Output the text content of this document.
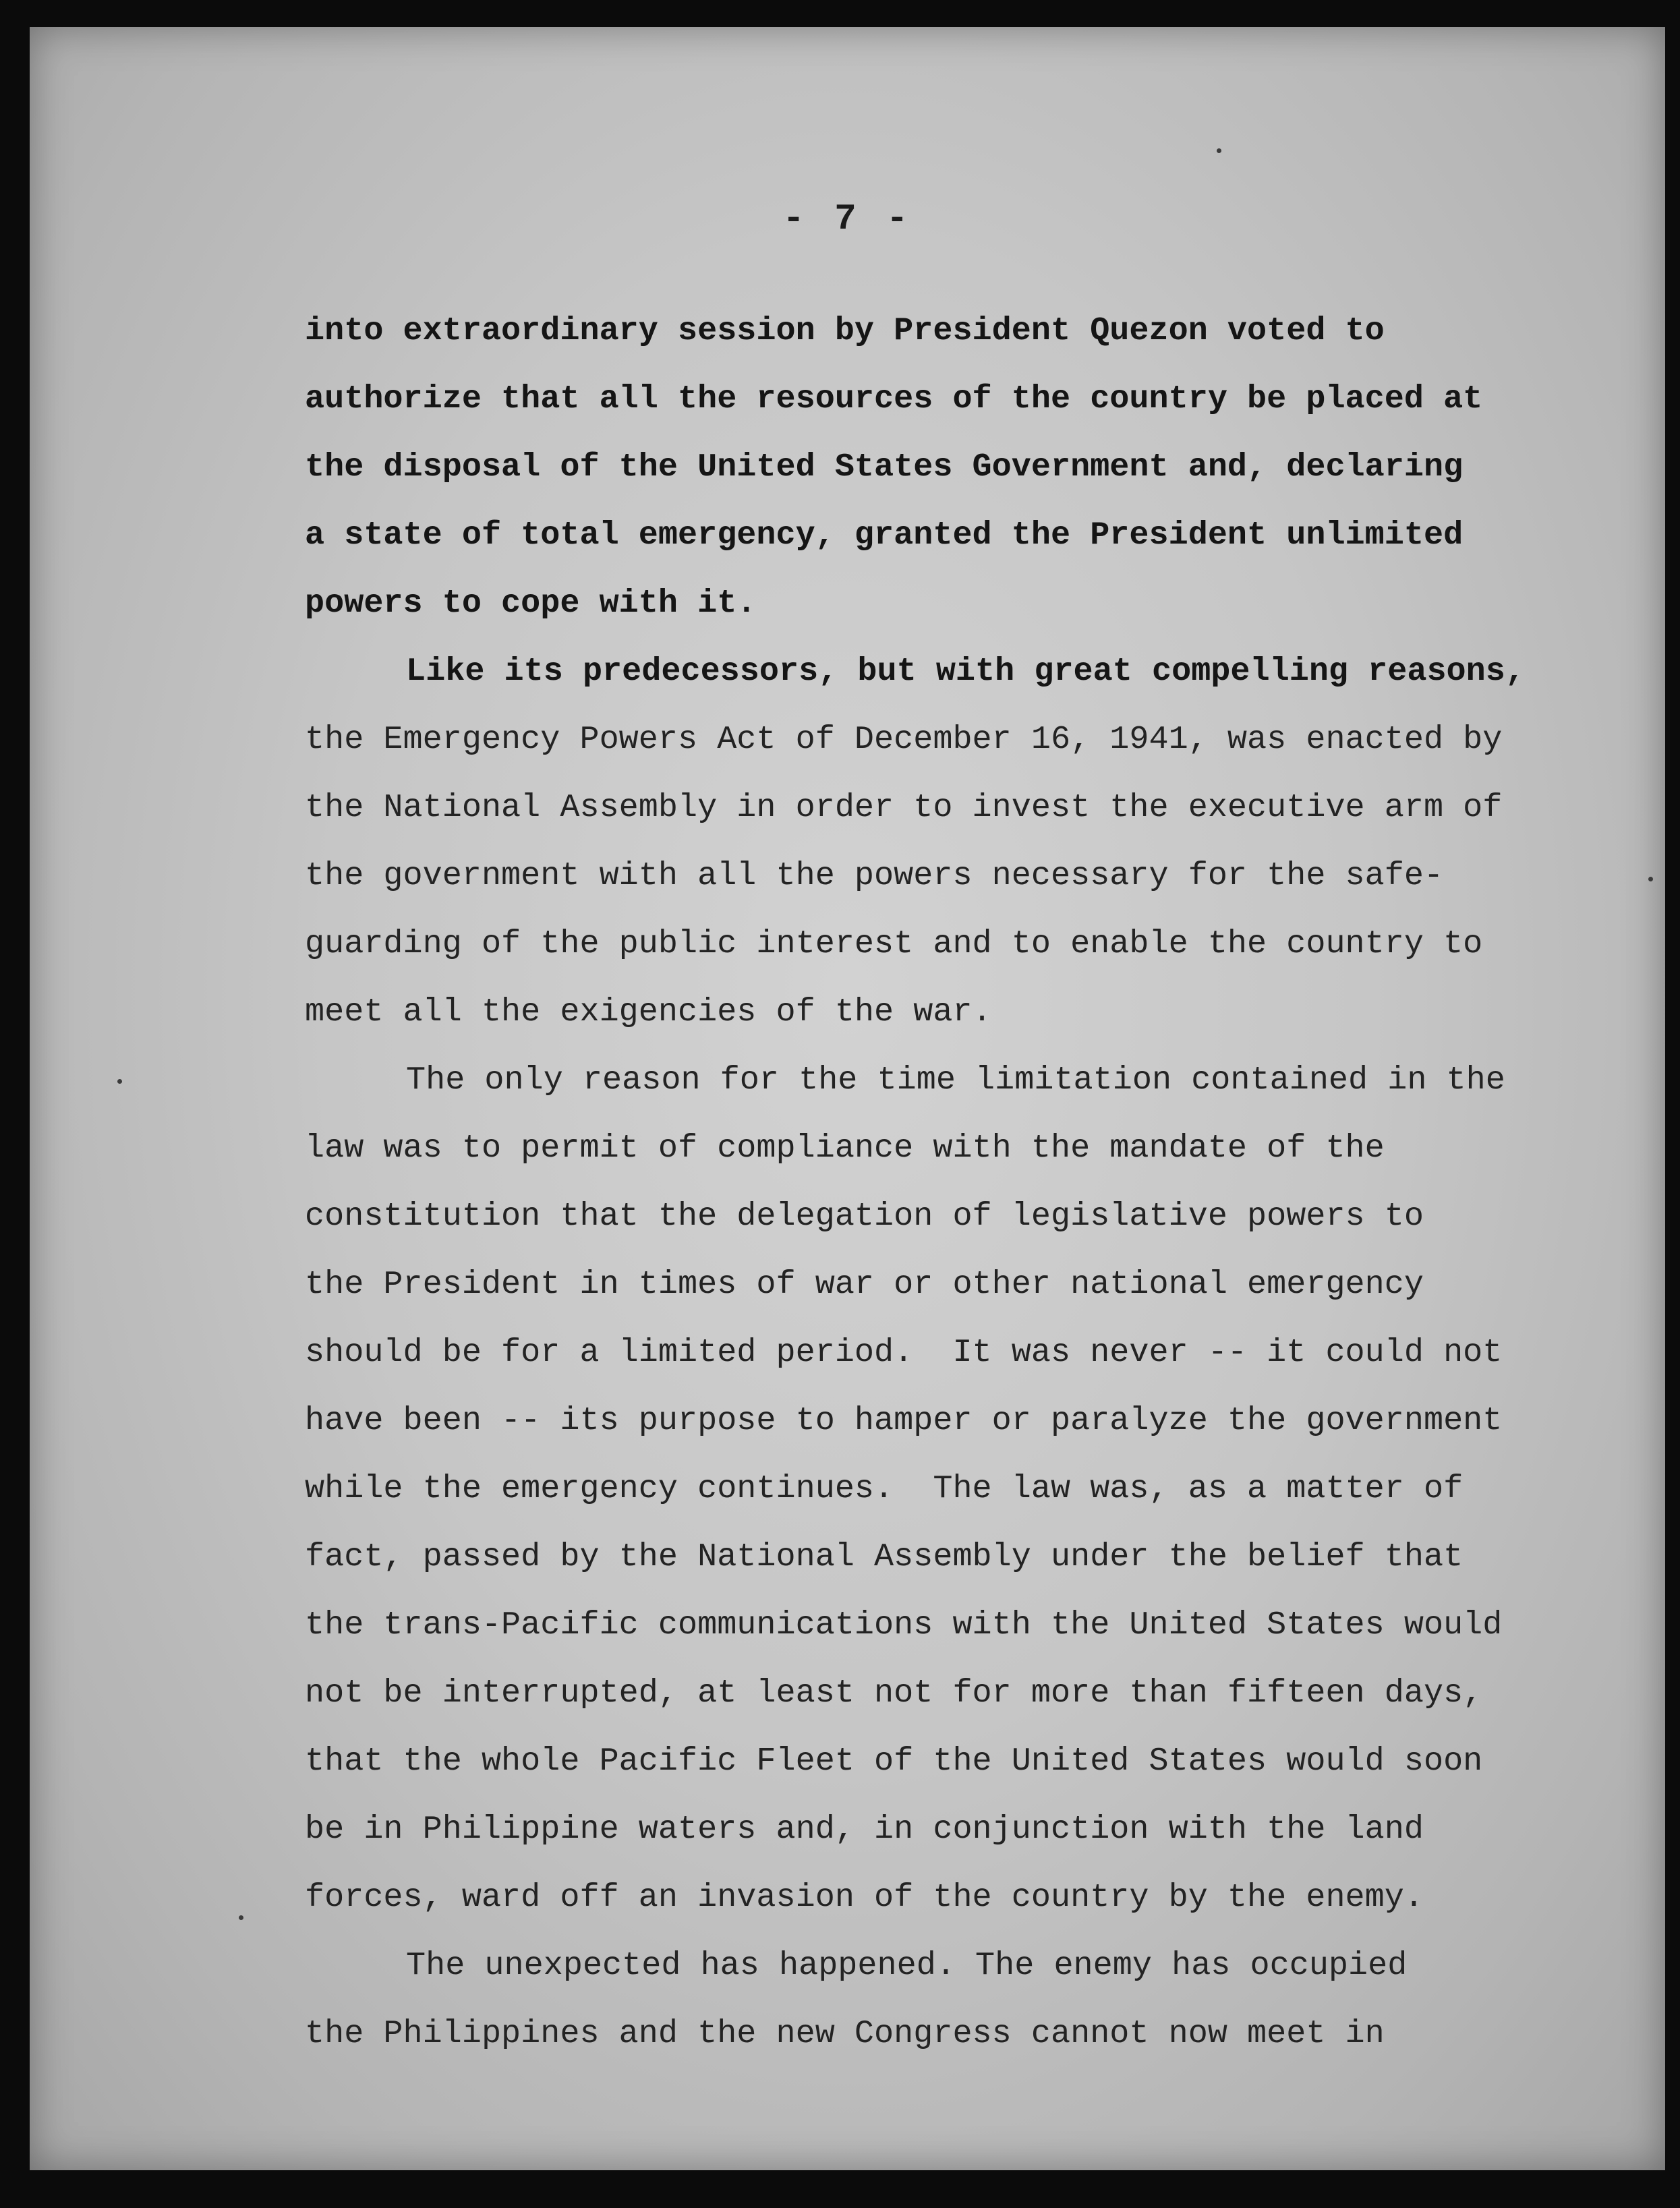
- 7 -
into extraordinary session by President Quezon voted to
authorize that all the resources of the country be placed at
the disposal of the United States Government and, declaring
a state of total emergency, granted the President unlimited
powers to cope with it.
Like its predecessors, but with great compelling reasons,
the Emergency Powers Act of December 16, 1941, was enacted by
the National Assembly in order to invest the executive arm of
the government with all the powers necessary for the safe-
guarding of the public interest and to enable the country to
meet all the exigencies of the war.
The only reason for the time limitation contained in the
law was to permit of compliance with the mandate of the
constitution that the delegation of legislative powers to
the President in times of war or other national emergency
should be for a limited period.  It was never -- it could not
have been -- its purpose to hamper or paralyze the government
while the emergency continues.  The law was, as a matter of
fact, passed by the National Assembly under the belief that
the trans-Pacific communications with the United States would
not be interrupted, at least not for more than fifteen days,
that the whole Pacific Fleet of the United States would soon
be in Philippine waters and, in conjunction with the land
forces, ward off an invasion of the country by the enemy.
The unexpected has happened. The enemy has occupied
the Philippines and the new Congress cannot now meet in
